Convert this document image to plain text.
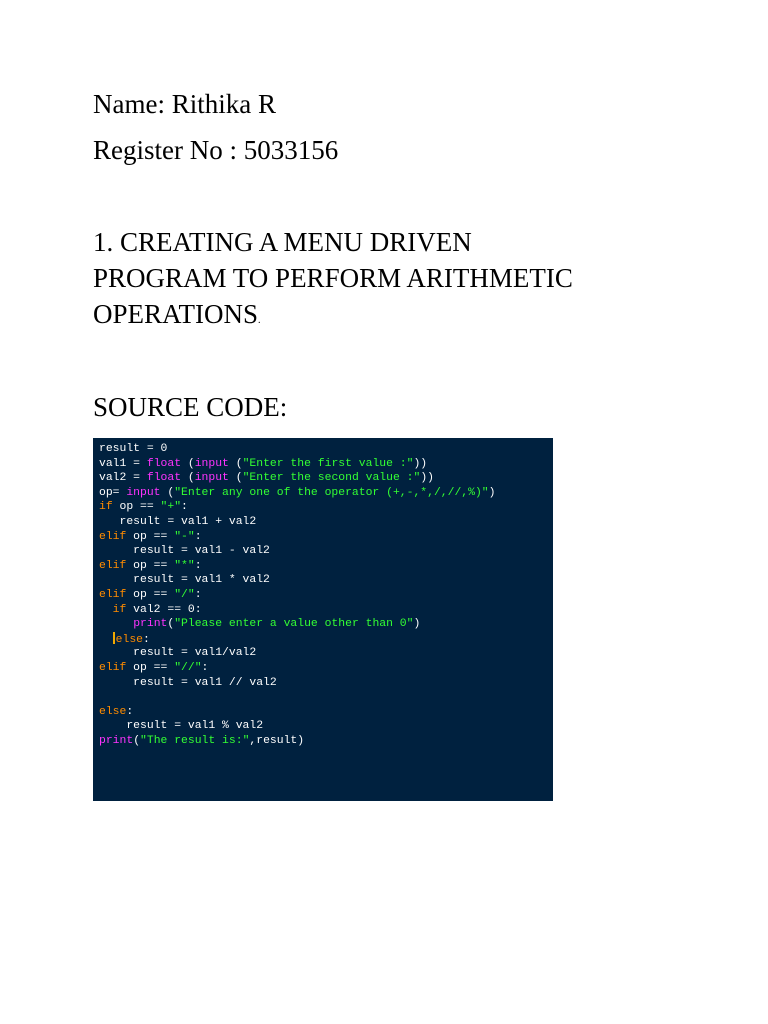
Name: Rithika R
Register No : 5033156
1. CREATING A MENU DRIVEN
PROGRAM TO PERFORM ARITHMETIC
OPERATIONS.
SOURCE CODE:
result = 0
val1 = float (input ("Enter the first value :"))
val2 = float (input ("Enter the second value :"))
op= input ("Enter any one of the operator (+,-,*,/,//,%)")
if op == "+":
result = val1 + val2
elif op == "-":
result = val1 - val2
elif op == "*":
result = val1 * val2
elif op == "/":
if val2 == 0:
print("Please enter a value other than 0")
else:
result = val1/val2
elif op == "//":
result = val1 // val2
else:
result = val1 % val2
print("The result is:",result)
